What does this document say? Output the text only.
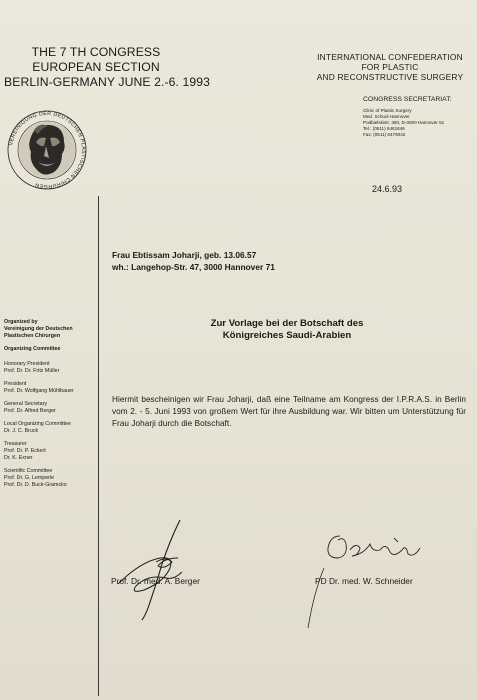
THE 7 TH CONGRESS
EUROPEAN SECTION
BERLIN-GERMANY JUNE 2.-6. 1993
VEREINIGUNG DER DEUTSCHEN PLASTISCHEN CHIRURGEN
INTERNATIONAL CONFEDERATION
FOR PLASTIC
AND RECONSTRUCTIVE SURGERY
CONGRESS SECRETARIAT:
Clinic of Plastic Surgery
Med. School Hannover
Podbielskistr. 380, D-3000 Hannover 51
Tel.: (0511) 6461646
Fax: (0511) 6479042
24.6.93
Frau Ebtissam Joharji, geb. 13.06.57
wh.: Langehop-Str. 47, 3000 Hannover 71
Organized by
Vereinigung der Deutschen
Plastischen Chirurgen
Organizing Committee
Honorary President
Prof. Dr. Dr. Fritz Müller
President
Prof. Dr. Wolfgang Mühlbauer
General Secretary
Prof. Dr. Alfred Berger
Local Organizing Committee
Dr. J. C. Bruck
Treasurer
Prof. Dr. P. Eckert
Dr. K. Exner
Scientific Committee
Prof. Dr. G. Lemperle
Prof. Dr. D. Buck-Gramcko
Zur Vorlage bei der Botschaft des
Königreiches Saudi-Arabien
Hiermit bescheinigen wir Frau Joharji, daß eine Teilname am Kongress der I.P.R.A.S. in Berlin vom 2. - 5. Juni 1993 von großem Wert für ihre Ausbildung war. Wir bitten um Unterstützung für Frau Joharji durch die Botschaft.
Prof. Dr. med. A. Berger	PD Dr. med. W. Schneider
